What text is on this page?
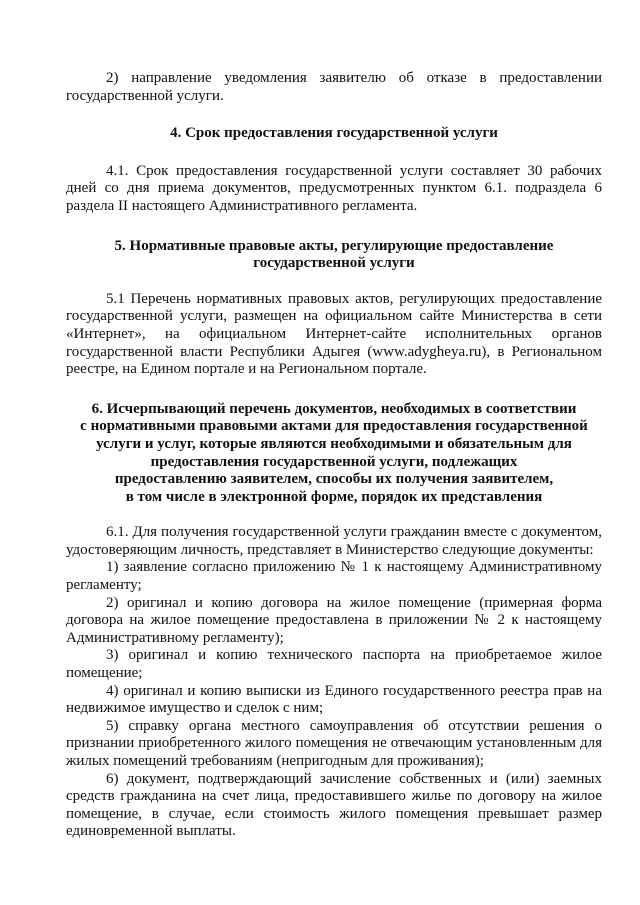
2) направление уведомления заявителю об отказе в предоставлении государственной услуги.

4. Срок предоставления государственной услуги

4.1. Срок предоставления государственной услуги составляет 30 рабочих дней со дня приема документов, предусмотренных пунктом 6.1. подраздела 6 раздела II настоящего Административного регламента.

5. Нормативные правовые акты, регулирующие предоставление
государственной услуги

5.1 Перечень нормативных правовых актов, регулирующих предоставление государственной услуги, размещен на официальном сайте Министерства в сети «Интернет», на официальном Интернет-сайте исполнительных органов государственной власти Республики Адыгея (www.adygheya.ru), в Региональном реестре, на Едином портале и на Региональном портале.

6. Исчерпывающий перечень документов, необходимых в соответствии
с нормативными правовыми актами для предоставления государственной
услуги и услуг, которые являются необходимыми и обязательным для
предоставления государственной услуги, подлежащих
предоставлению заявителем, способы их получения заявителем,
в том числе в электронной форме, порядок их представления

6.1. Для получения государственной услуги гражданин вместе с документом, удостоверяющим личность, представляет в Министерство следующие документы:

1) заявление согласно приложению № 1 к настоящему Административному регламенту;

2) оригинал и копию договора на жилое помещение (примерная форма договора на жилое помещение предоставлена в приложении № 2 к настоящему Административному регламенту);

3) оригинал и копию технического паспорта на приобретаемое жилое помещение;

4) оригинал и копию выписки из Единого государственного реестра прав на недвижимое имущество и сделок с ним;

5) справку органа местного самоуправления об отсутствии решения о признании приобретенного жилого помещения не отвечающим установленным для жилых помещений требованиям (непригодным для проживания);

6) документ, подтверждающий зачисление собственных и (или) заемных средств гражданина на счет лица, предоставившего жилье по договору на жилое помещение, в случае, если стоимость жилого помещения превышает размер единовременной выплаты.
